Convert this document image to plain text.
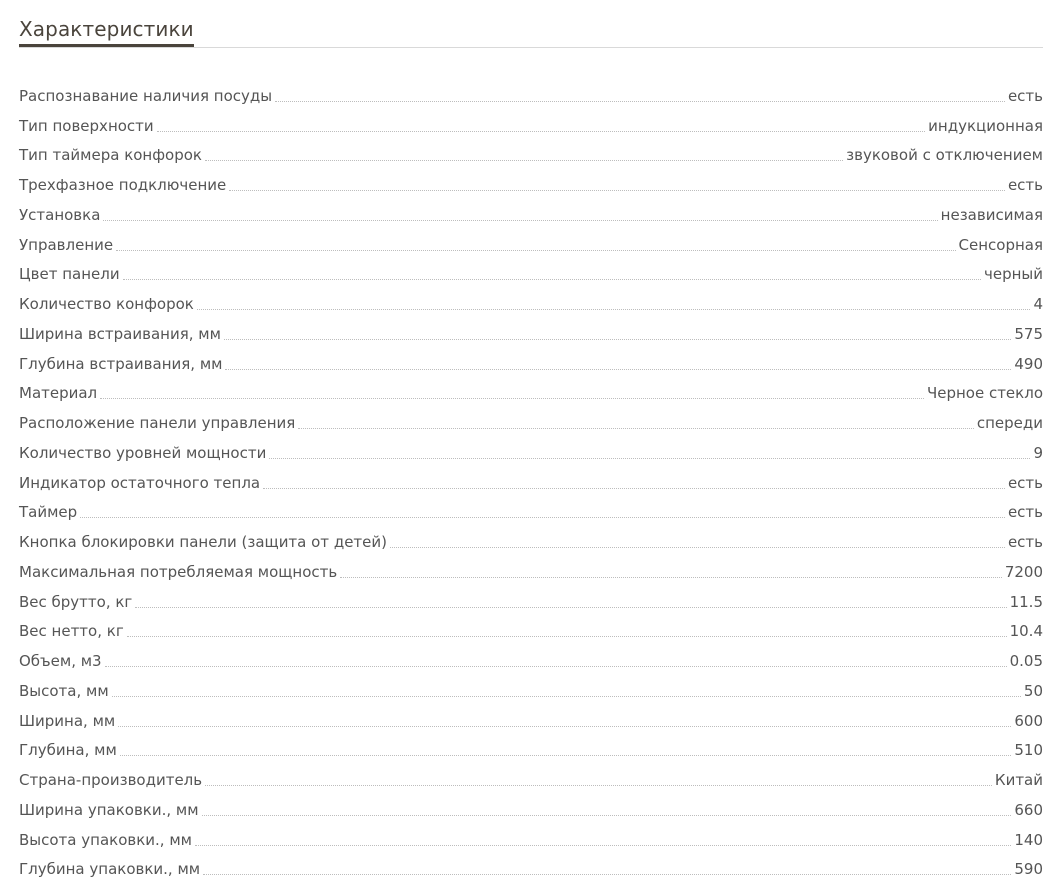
Характеристики
Распознавание наличия посуды	есть
Тип поверхности	индукционная
Тип таймера конфорок	звуковой с отключением
Трехфазное подключение	есть
Установка	независимая
Управление	Сенсорная
Цвет панели	черный
Количество конфорок	4
Ширина встраивания, мм	575
Глубина встраивания, мм	490
Материал	Черное стекло
Расположение панели управления	спереди
Количество уровней мощности	9
Индикатор остаточного тепла	есть
Таймер	есть
Кнопка блокировки панели (защита от детей)	есть
Максимальная потребляемая мощность	7200
Вес брутто, кг	11.5
Вес нетто, кг	10.4
Объем, м3	0.05
Высота, мм	50
Ширина, мм	600
Глубина, мм	510
Страна-производитель	Китай
Ширина упаковки., мм	660
Высота упаковки., мм	140
Глубина упаковки., мм	590
